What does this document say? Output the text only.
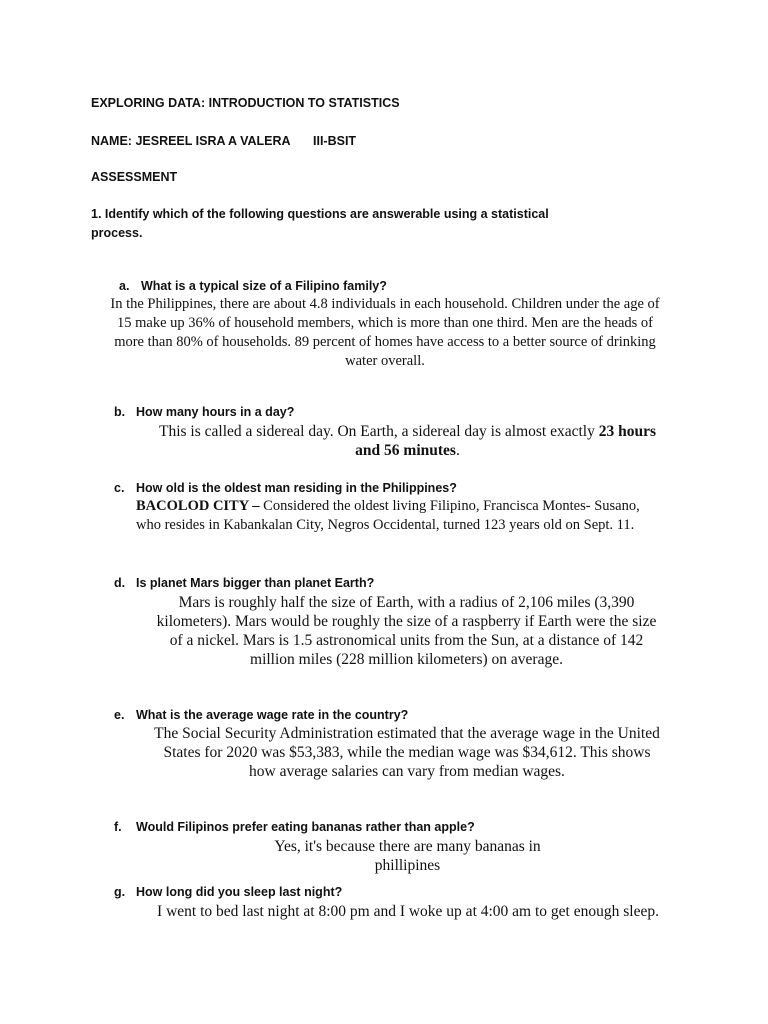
EXPLORING DATA: INTRODUCTION TO STATISTICS
NAME: JESREEL ISRA A VALERA III-BSIT
ASSESSMENT
1. Identify which of the following questions are answerable using a statistical
process.
a. What is a typical size of a Filipino family?

In the Philippines, there are about 4.8 individuals in each household. Children under the age of

15 make up 36% of household members, which is more than one third. Men are the heads of

more than 80% of households. 89 percent of homes have access to a better source of drinking

water overall.

b. How many hours in a day?

This is called a sidereal day. On Earth, a sidereal day is almost exactly 23 hours

and 56 minutes.

c. How old is the oldest man residing in the Philippines?

BACOLOD CITY – Considered the oldest living Filipino, Francisca Montes- Susano,

who resides in Kabankalan City, Negros Occidental, turned 123 years old on Sept. 11.

d. Is planet Mars bigger than planet Earth?

Mars is roughly half the size of Earth, with a radius of 2,106 miles (3,390

kilometers). Mars would be roughly the size of a raspberry if Earth were the size

of a nickel. Mars is 1.5 astronomical units from the Sun, at a distance of 142

million miles (228 million kilometers) on average.

e. What is the average wage rate in the country?

The Social Security Administration estimated that the average wage in the United

States for 2020 was $53,383, while the median wage was $34,612. This shows

how average salaries can vary from median wages.

f. Would Filipinos prefer eating bananas rather than apple?

Yes, it's because there are many bananas in

phillipines

g. How long did you sleep last night?

I went to bed last night at 8:00 pm and I woke up at 4:00 am to get enough sleep.
